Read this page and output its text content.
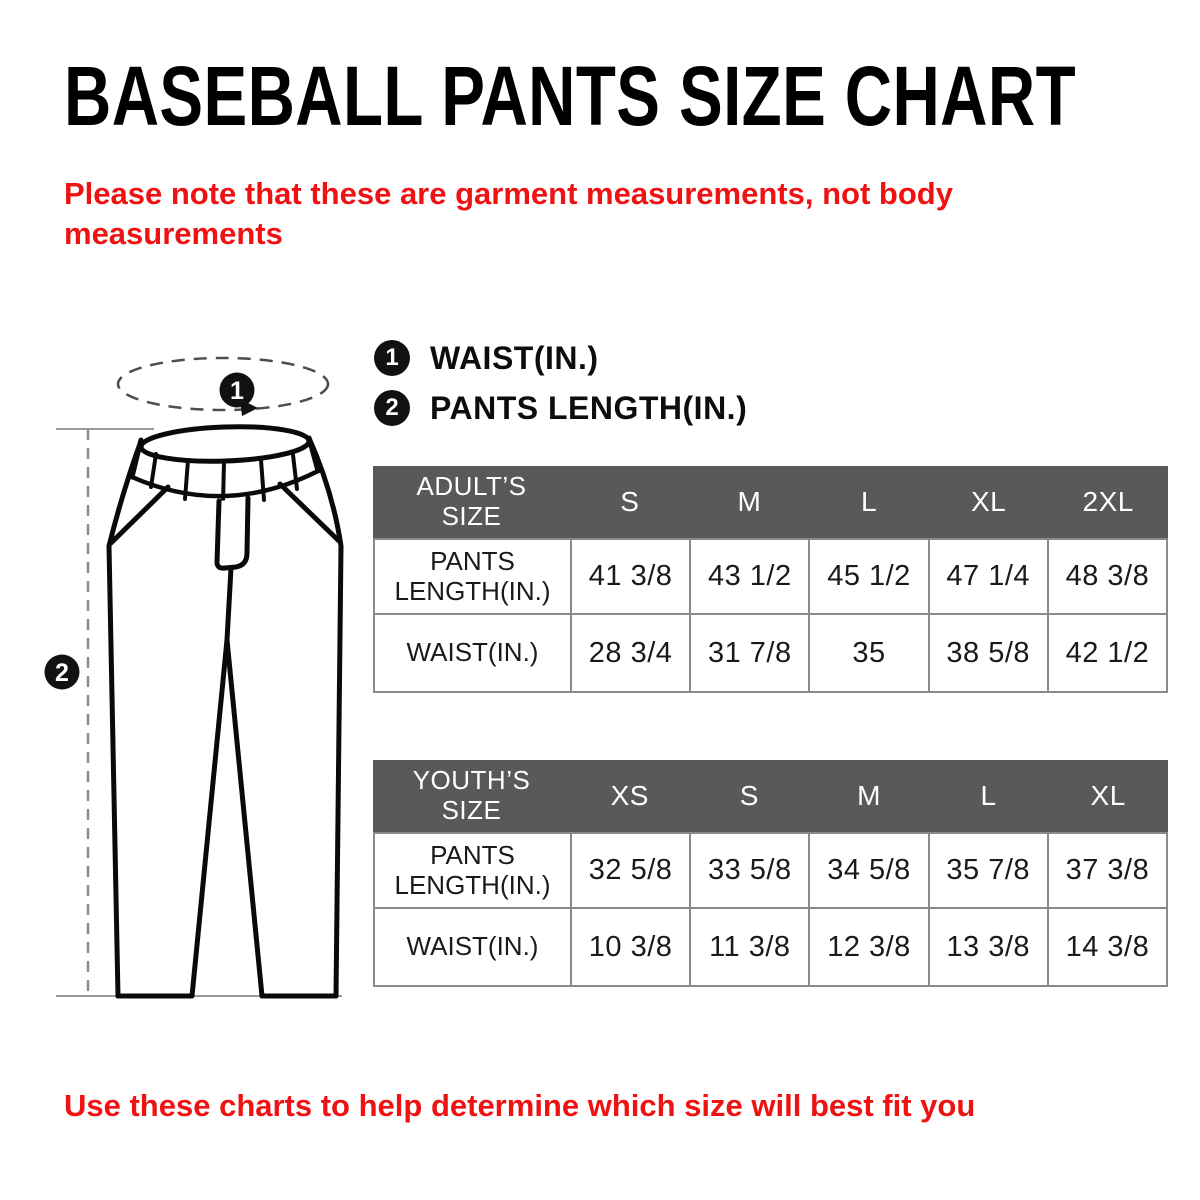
BASEBALL PANTS SIZE CHART
Please note that these are garment measurements, not body measurements
1 WAIST(IN.)
2 PANTS LENGTH(IN.)
1
2
ADULT’S SIZE	S	M	L	XL	2XL
PANTS LENGTH(IN.)	41 3/8	43 1/2	45 1/2	47 1/4	48 3/8
WAIST(IN.)	28 3/4	31 7/8	35	38 5/8	42 1/2
YOUTH’S SIZE	XS	S	M	L	XL
PANTS LENGTH(IN.)	32 5/8	33 5/8	34 5/8	35 7/8	37 3/8
WAIST(IN.)	10 3/8	11 3/8	12 3/8	13 3/8	14 3/8
Use these charts to help determine which size will best fit you
